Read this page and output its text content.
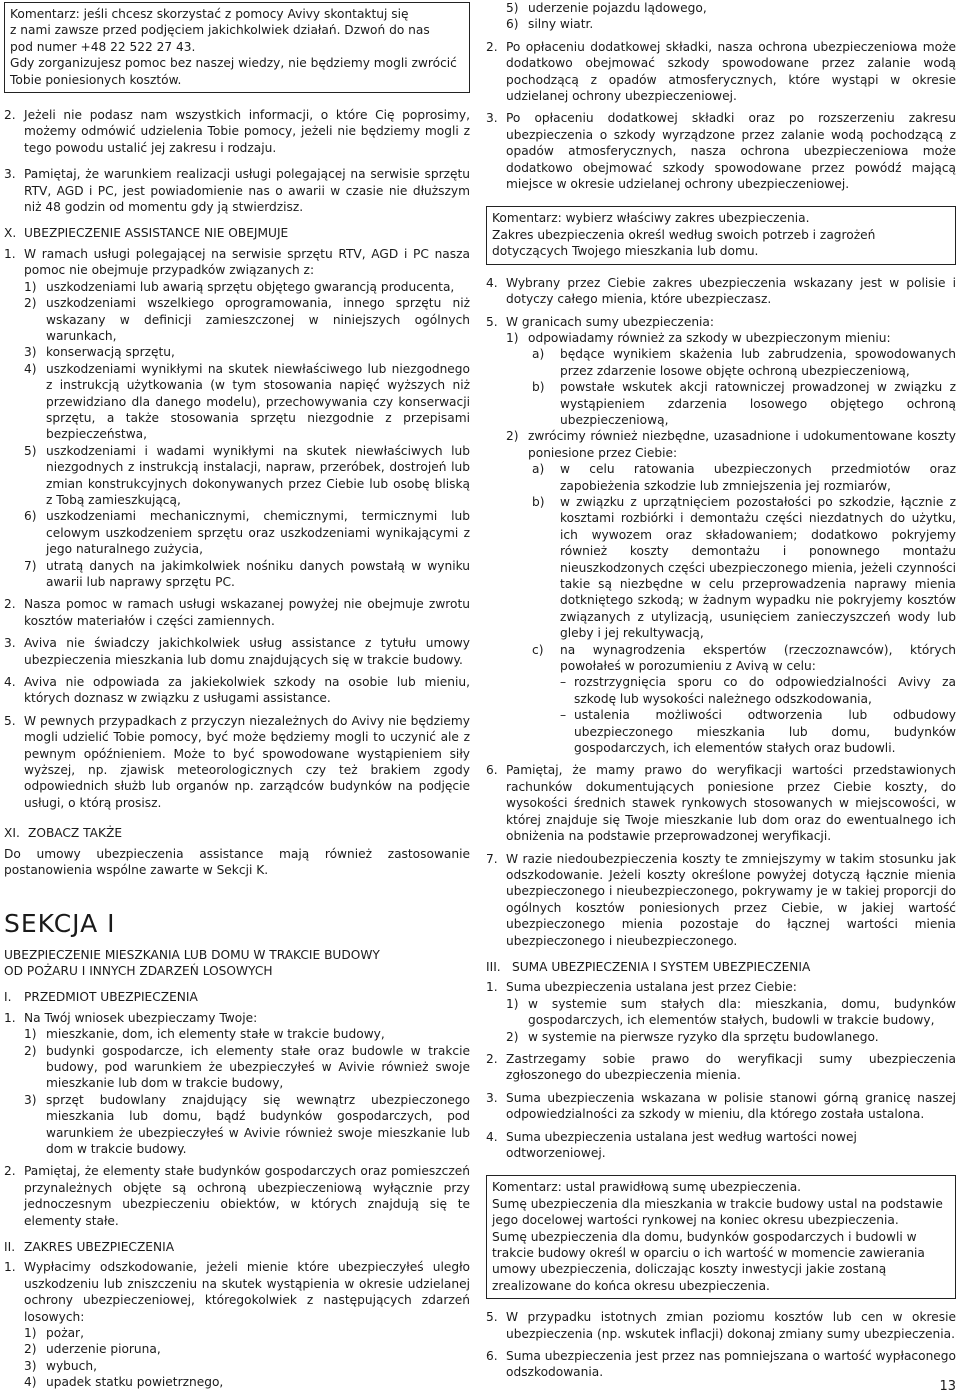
Komentarz: jeśli chcesz skorzystać z pomocy Avivy skontaktuj się

z nami zawsze przed podjęciem jakichkolwiek działań. Dzwoń do nas

pod numer +48 22 522 27 43.

Gdy zorganizujesz pomoc bez naszej wiedzy, nie będziemy mogli zwrócić

Tobie poniesionych kosztów.

2. Jeżeli nie podasz nam wszystkich informacji, o które Cię poprosimy, możemy odmówić udzielenia Tobie pomocy, jeżeli nie będziemy mogli z tego powodu ustalić jej zakresu i rodzaju.

3. Pamiętaj, że warunkiem realizacji usługi polegającej na serwisie sprzętu RTV, AGD i PC, jest powiadomienie nas o awarii w czasie nie dłuższym niż 48 godzin od momentu gdy ją stwierdzisz.

X. UBEZPIECZENIE ASSISTANCE NIE OBEJMUJE
1. W ramach usługi polegającej na serwisie sprzętu RTV, AGD i PC nasza pomoc nie obejmuje przypadków związanych z:

1) uszkodzeniami lub awarią sprzętu objętego gwarancją producenta,

2) uszkodzeniami wszelkiego oprogramowania, innego sprzętu niż wskazany w definicji zamieszczonej w niniejszych ogólnych warunkach,

3) konserwacją sprzętu,

4) uszkodzeniami wynikłymi na skutek niewłaściwego lub niezgodnego z instrukcją użytkowania (w tym stosowania napięć wyższych niż przewidziano dla danego modelu), przechowywania czy konserwacji sprzętu, a także stosowania sprzętu niezgodnie z przepisami bezpieczeństwa,

5) uszkodzeniami i wadami wynikłymi na skutek niewłaściwych lub niezgodnych z instrukcją instalacji, napraw, przeróbek, dostrojeń lub zmian konstrukcyjnych dokonywanych przez Ciebie lub osobę bliską z Tobą zamieszkującą,

6) uszkodzeniami mechanicznymi, chemicznymi, termicznymi lub celowym uszkodzeniem sprzętu oraz uszkodzeniami wynikającymi z jego naturalnego zużycia,

7) utratą danych na jakimkolwiek nośniku danych powstałą w wyniku awarii lub naprawy sprzętu PC.

2. Nasza pomoc w ramach usługi wskazanej powyżej nie obejmuje zwrotu kosztów materiałów i części zamiennych.

3. Aviva nie świadczy jakichkolwiek usług assistance z tytułu umowy ubezpieczenia mieszkania lub domu znajdujących się w trakcie budowy.

4. Aviva nie odpowiada za jakiekolwiek szkody na osobie lub mieniu, których doznasz w związku z usługami assistance.

5. W pewnych przypadkach z przyczyn niezależnych do Avivy nie będziemy mogli udzielić Tobie pomocy, być może będziemy mogli to uczynić ale z pewnym opóźnieniem. Może to być spowodowane wystąpieniem siły wyższej, np. zjawisk meteorologicznych czy też brakiem zgody odpowiednich służb lub organów np. zarządców budynków na podjęcie usługi, o którą prosisz.

XI. ZOBACZ TAKŻE

Do umowy ubezpieczenia assistance mają również zastosowanie postanowienia wspólne zawarte w Sekcji K.

SEKCJA I

UBEZPIECZENIE MIESZKANIA LUB DOMU W TRAKCIE BUDOWY

OD POŻARU I INNYCH ZDARZEŃ LOSOWYCH

I. PRZEDMIOT UBEZPIECZENIA
1. Na Twój wniosek ubezpieczamy Twoje:

1) mieszkanie, dom, ich elementy stałe w trakcie budowy,

2) budynki gospodarcze, ich elementy stałe oraz budowle w trakcie budowy, pod warunkiem że ubezpieczyłeś w Avivie również swoje mieszkanie lub dom w trakcie budowy,

3) sprzęt budowlany znajdujący się wewnątrz ubezpieczonego mieszkania lub domu, bądź budynków gospodarczych, pod warunkiem że ubezpieczyłeś w Avivie również swoje mieszkanie lub dom w trakcie budowy.

2. Pamiętaj, że elementy stałe budynków gospodarczych oraz pomieszczeń przynależnych objęte są ochroną ubezpieczeniową wyłącznie przy jednoczesnym ubezpieczeniu obiektów, w których znajdują się te elementy stałe.

II. ZAKRES UBEZPIECZENIA
1. Wypłacimy odszkodowanie, jeżeli mienie które ubezpieczyłeś uległo uszkodzeniu lub zniszczeniu na skutek wystąpienia w okresie udzielanej ochrony ubezpieczeniowej, któregokolwiek z następujących zdarzeń losowych:

1) pożar,

2) uderzenie pioruna,

3) wybuch,

4) upadek statku powietrznego,

5) uderzenie pojazdu lądowego,

6) silny wiatr.

2. Po opłaceniu dodatkowej składki, nasza ochrona ubezpieczeniowa może dodatkowo obejmować szkody spowodowane przez zalanie wodą pochodzącą z opadów atmosferycznych, które wystąpi w okresie udzielanej ochrony ubezpieczeniowej.

3. Po opłaceniu dodatkowej składki oraz po rozszerzeniu zakresu ubezpieczenia o szkody wyrządzone przez zalanie wodą pochodzącą z opadów atmosferycznych, nasza ochrona ubezpieczeniowa może dodatkowo obejmować szkody spowodowane przez powódź mającą miejsce w okresie udzielanej ochrony ubezpieczeniowej.

Komentarz: wybierz właściwy zakres ubezpieczenia.

Zakres ubezpieczenia określ według swoich potrzeb i zagrożeń dotyczących Twojego mieszkania lub domu.

4. Wybrany przez Ciebie zakres ubezpieczenia wskazany jest w polisie i dotyczy całego mienia, które ubezpieczasz.

5. W granicach sumy ubezpieczenia:

1) odpowiadamy również za szkody w ubezpieczonym mieniu:

a) będące wynikiem skażenia lub zabrudzenia, spowodowanych przez zdarzenie losowe objęte ochroną ubezpieczeniową,

b) powstałe wskutek akcji ratowniczej prowadzonej w związku z wystąpieniem zdarzenia losowego objętego ochroną ubezpieczeniową,

2) zwrócimy również niezbędne, uzasadnione i udokumentowane koszty poniesione przez Ciebie:

a) w celu ratowania ubezpieczonych przedmiotów oraz zapobieżenia szkodzie lub zmniejszenia jej rozmiarów,

b) w związku z uprzątnięciem pozostałości po szkodzie, łącznie z kosztami rozbiórki i demontażu części niezdatnych do użytku, ich wywozem oraz składowaniem; dodatkowo pokryjemy również koszty demontażu i ponownego montażu nieuszkodzonych części ubezpieczonego mienia, jeżeli czynności takie są niezbędne w celu przeprowadzenia naprawy mienia dotkniętego szkodą; w żadnym wypadku nie pokryjemy kosztów związanych z utylizacją, usunięciem zanieczyszczeń wody lub gleby i jej rekultywacją,

c) na wynagrodzenia ekspertów (rzeczoznawców), których powołałeś w porozumieniu z Avivą w celu:

– rozstrzygnięcia sporu co do odpowiedzialności Avivy za szkodę lub wysokości należnego odszkodowania,

– ustalenia możliwości odtworzenia lub odbudowy ubezpieczonego mieszkania lub domu, budynków gospodarczych, ich elementów stałych oraz budowli.

6. Pamiętaj, że mamy prawo do weryfikacji wartości przedstawionych rachunków dokumentujących poniesione przez Ciebie koszty, do wysokości średnich stawek rynkowych stosowanych w miejscowości, w której znajduje się Twoje mieszkanie lub dom oraz do ewentualnego ich obniżenia na podstawie przeprowadzonej weryfikacji.

7. W razie niedoubezpieczenia koszty te zmniejszymy w takim stosunku jak odszkodowanie. Jeżeli koszty określone powyżej dotyczą łącznie mienia ubezpieczonego i nieubezpieczonego, pokrywamy je w takiej proporcji do ogólnych kosztów poniesionych przez Ciebie, w jakiej wartość ubezpieczonego mienia pozostaje do łącznej wartości mienia ubezpieczonego i nieubezpieczonego.

III. SUMA UBEZPIECZENIA I SYSTEM UBEZPIECZENIA
1. Suma ubezpieczenia ustalana jest przez Ciebie:

1) w systemie sum stałych dla: mieszkania, domu, budynków gospodarczych, ich elementów stałych, budowli w trakcie budowy,

2) w systemie na pierwsze ryzyko dla sprzętu budowlanego.

2. Zastrzegamy sobie prawo do weryfikacji sumy ubezpieczenia zgłoszonego do ubezpieczenia mienia.

3. Suma ubezpieczenia wskazana w polisie stanowi górną granicę naszej odpowiedzialności za szkody w mieniu, dla którego została ustalona.

4. Suma ubezpieczenia ustalana jest według wartości nowej odtworzeniowej.

Komentarz: ustal prawidłową sumę ubezpieczenia.

Sumę ubezpieczenia dla mieszkania w trakcie budowy ustal na podstawie jego docelowej wartości rynkowej na koniec okresu ubezpieczenia.

Sumę ubezpieczenia dla domu, budynków gospodarczych i budowli w trakcie budowy określ w oparciu o ich wartość w momencie zawierania umowy ubezpieczenia, doliczając koszty inwestycji jakie zostaną zrealizowane do końca okresu ubezpieczenia.

5. W przypadku istotnych zmian poziomu kosztów lub cen w okresie ubezpieczenia (np. wskutek inflacji) dokonaj zmiany sumy ubezpieczenia.

6. Suma ubezpieczenia jest przez nas pomniejszana o wartość wypłaconego odszkodowania.

13
